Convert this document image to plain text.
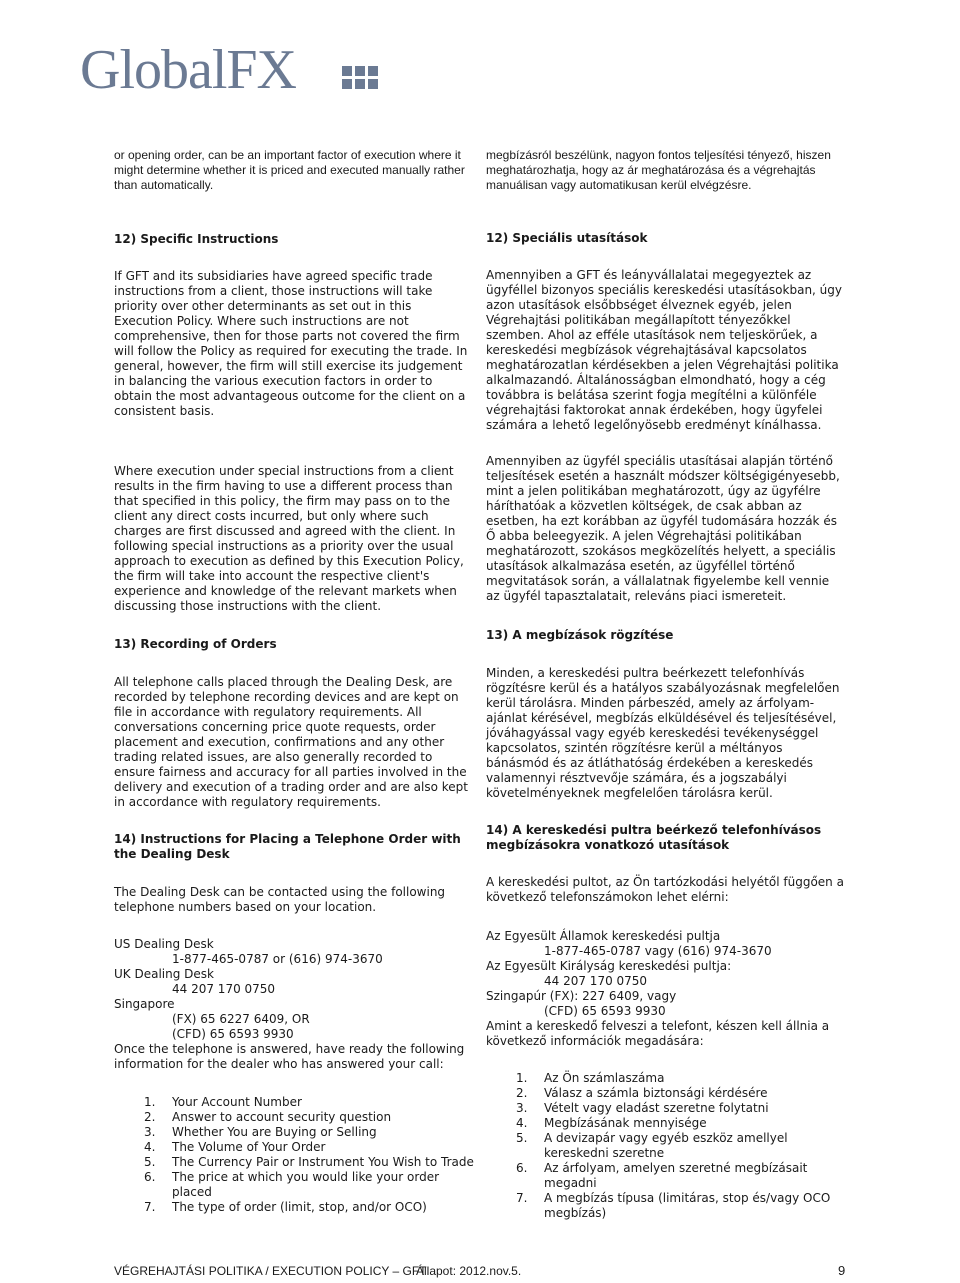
GlobalFX
or opening order, can be an important factor of execution where it might determine whether it is priced and executed manually rather than automatically.
12) Specific Instructions
If GFT and its subsidiaries have agreed specific trade instructions from a client, those instructions will take priority over other determinants as set out in this Execution Policy. Where such instructions are not comprehensive, then for those parts not covered the firm will follow the Policy as required for executing the trade. In general, however, the firm will still exercise its judgement in balancing the various execution factors in order to obtain the most advantageous outcome for the client on a consistent basis.
Where execution under special instructions from a client results in the firm having to use a different process than that specified in this policy, the firm may pass on to the client any direct costs incurred, but only where such charges are first discussed and agreed with the client. In following special instructions as a priority over the usual approach to execution as defined by this Execution Policy, the firm will take into account the respective client's experience and knowledge of the relevant markets when discussing those instructions with the client.
13) Recording of Orders
All telephone calls placed through the Dealing Desk, are recorded by telephone recording devices and are kept on file in accordance with regulatory requirements. All conversations concerning price quote requests, order placement and execution, confirmations and any other trading related issues, are also generally recorded to ensure fairness and accuracy for all parties involved in the delivery and execution of a trading order and are also kept in accordance with regulatory requirements.
14) Instructions for Placing a Telephone Order with the Dealing Desk
The Dealing Desk can be contacted using the following telephone numbers based on your location.

US Dealing Desk

1-877-465-0787 or (616) 974-3670

UK Dealing Desk

44 207 170 0750

Singapore

(FX) 65 6227 6409, OR

(CFD) 65 6593 9930

Once the telephone is answered, have ready the following information for the dealer who has answered your call:

1. Your Account Number
2. Answer to account security question
3. Whether You are Buying or Selling
4. The Volume of Your Order
5. The Currency Pair or Instrument You Wish to Trade
6. The price at which you would like your order placed
7. The type of order (limit, stop, and/or OCO)
megbízásról beszélünk, nagyon fontos teljesítési tényező, hiszen meghatározhatja, hogy az ár meghatározása és a végrehajtás manuálisan vagy automatikusan kerül elvégzésre.
12) Speciális utasítások
Amennyiben a GFT és leányvállalatai megegyeztek az ügyféllel bizonyos speciális kereskedési utasításokban, úgy azon utasítások elsőbbséget élveznek egyéb, jelen Végrehajtási politikában megállapított tényezőkkel szemben. Ahol az efféle utasítások nem teljeskörűek, a kereskedési megbízások végrehajtásával kapcsolatos meghatározatlan kérdésekben a jelen Végrehajtási politika alkalmazandó. Általánosságban elmondható, hogy a cég továbbra is belátása szerint fogja megítélni a különféle végrehajtási faktorokat annak érdekében, hogy ügyfelei számára a lehető legelőnyösebb eredményt kínálhassa.
Amennyiben az ügyfél speciális utasításai alapján történő teljesítések esetén a használt módszer költségigényesebb, mint a jelen politikában meghatározott, úgy az ügyfélre háríthatóak a közvetlen költségek, de csak abban az esetben, ha ezt korábban az ügyfél tudomására hozzák és Ő abba beleegyezik. A jelen Végrehajtási politikában meghatározott, szokásos megközelítés helyett, a speciális utasítások alkalmazása esetén, az ügyféllel történő megvitatások során, a vállalatnak figyelembe kell vennie az ügyfél tapasztalatait, releváns piaci ismereteit.
13) A megbízások rögzítése
Minden, a kereskedési pultra beérkezett telefonhívás rögzítésre kerül és a hatályos szabályozásnak megfelelően kerül tárolásra. Minden párbeszéd, amely az árfolyam-ajánlat kérésével, megbízás elküldésével és teljesítésével, jóváhagyással vagy egyéb kereskedési tevékenységgel kapcsolatos, szintén rögzítésre kerül a méltányos bánásmód és az átláthatóság érdekében a kereskedés valamennyi résztvevője számára, és a jogszabályi követelményeknek megfelelően tárolásra kerül.
14) A kereskedési pultra beérkező telefonhívásos megbízásokra vonatkozó utasítások
A kereskedési pultot, az Ön tartózkodási helyétől függően a következő telefonszámokon lehet elérni:

Az Egyesült Államok kereskedési pultja

1-877-465-0787 vagy (616) 974-3670

Az Egyesült Királyság kereskedési pultja:

44 207 170 0750

Szingapúr (FX): 227 6409, vagy

(CFD) 65 6593 9930

Amint a kereskedő felveszi a telefont, készen kell állnia a következő információk megadására:

1. Az Ön számlaszáma
2. Válasz a számla biztonsági kérdésére
3. Vételt vagy eladást szeretne folytatni
4. Megbízásának mennyisége
5. A devizapár vagy egyéb eszköz amellyel kereskedni szeretne
6. Az árfolyam, amelyen szeretné megbízásait megadni
7. A megbízás típusa (limitáras, stop és/vagy OCO megbízás)
VÉGREHAJTÁSI POLITIKA / EXECUTION POLICY – GFT
Állapot: 2012.nov.5.	9
